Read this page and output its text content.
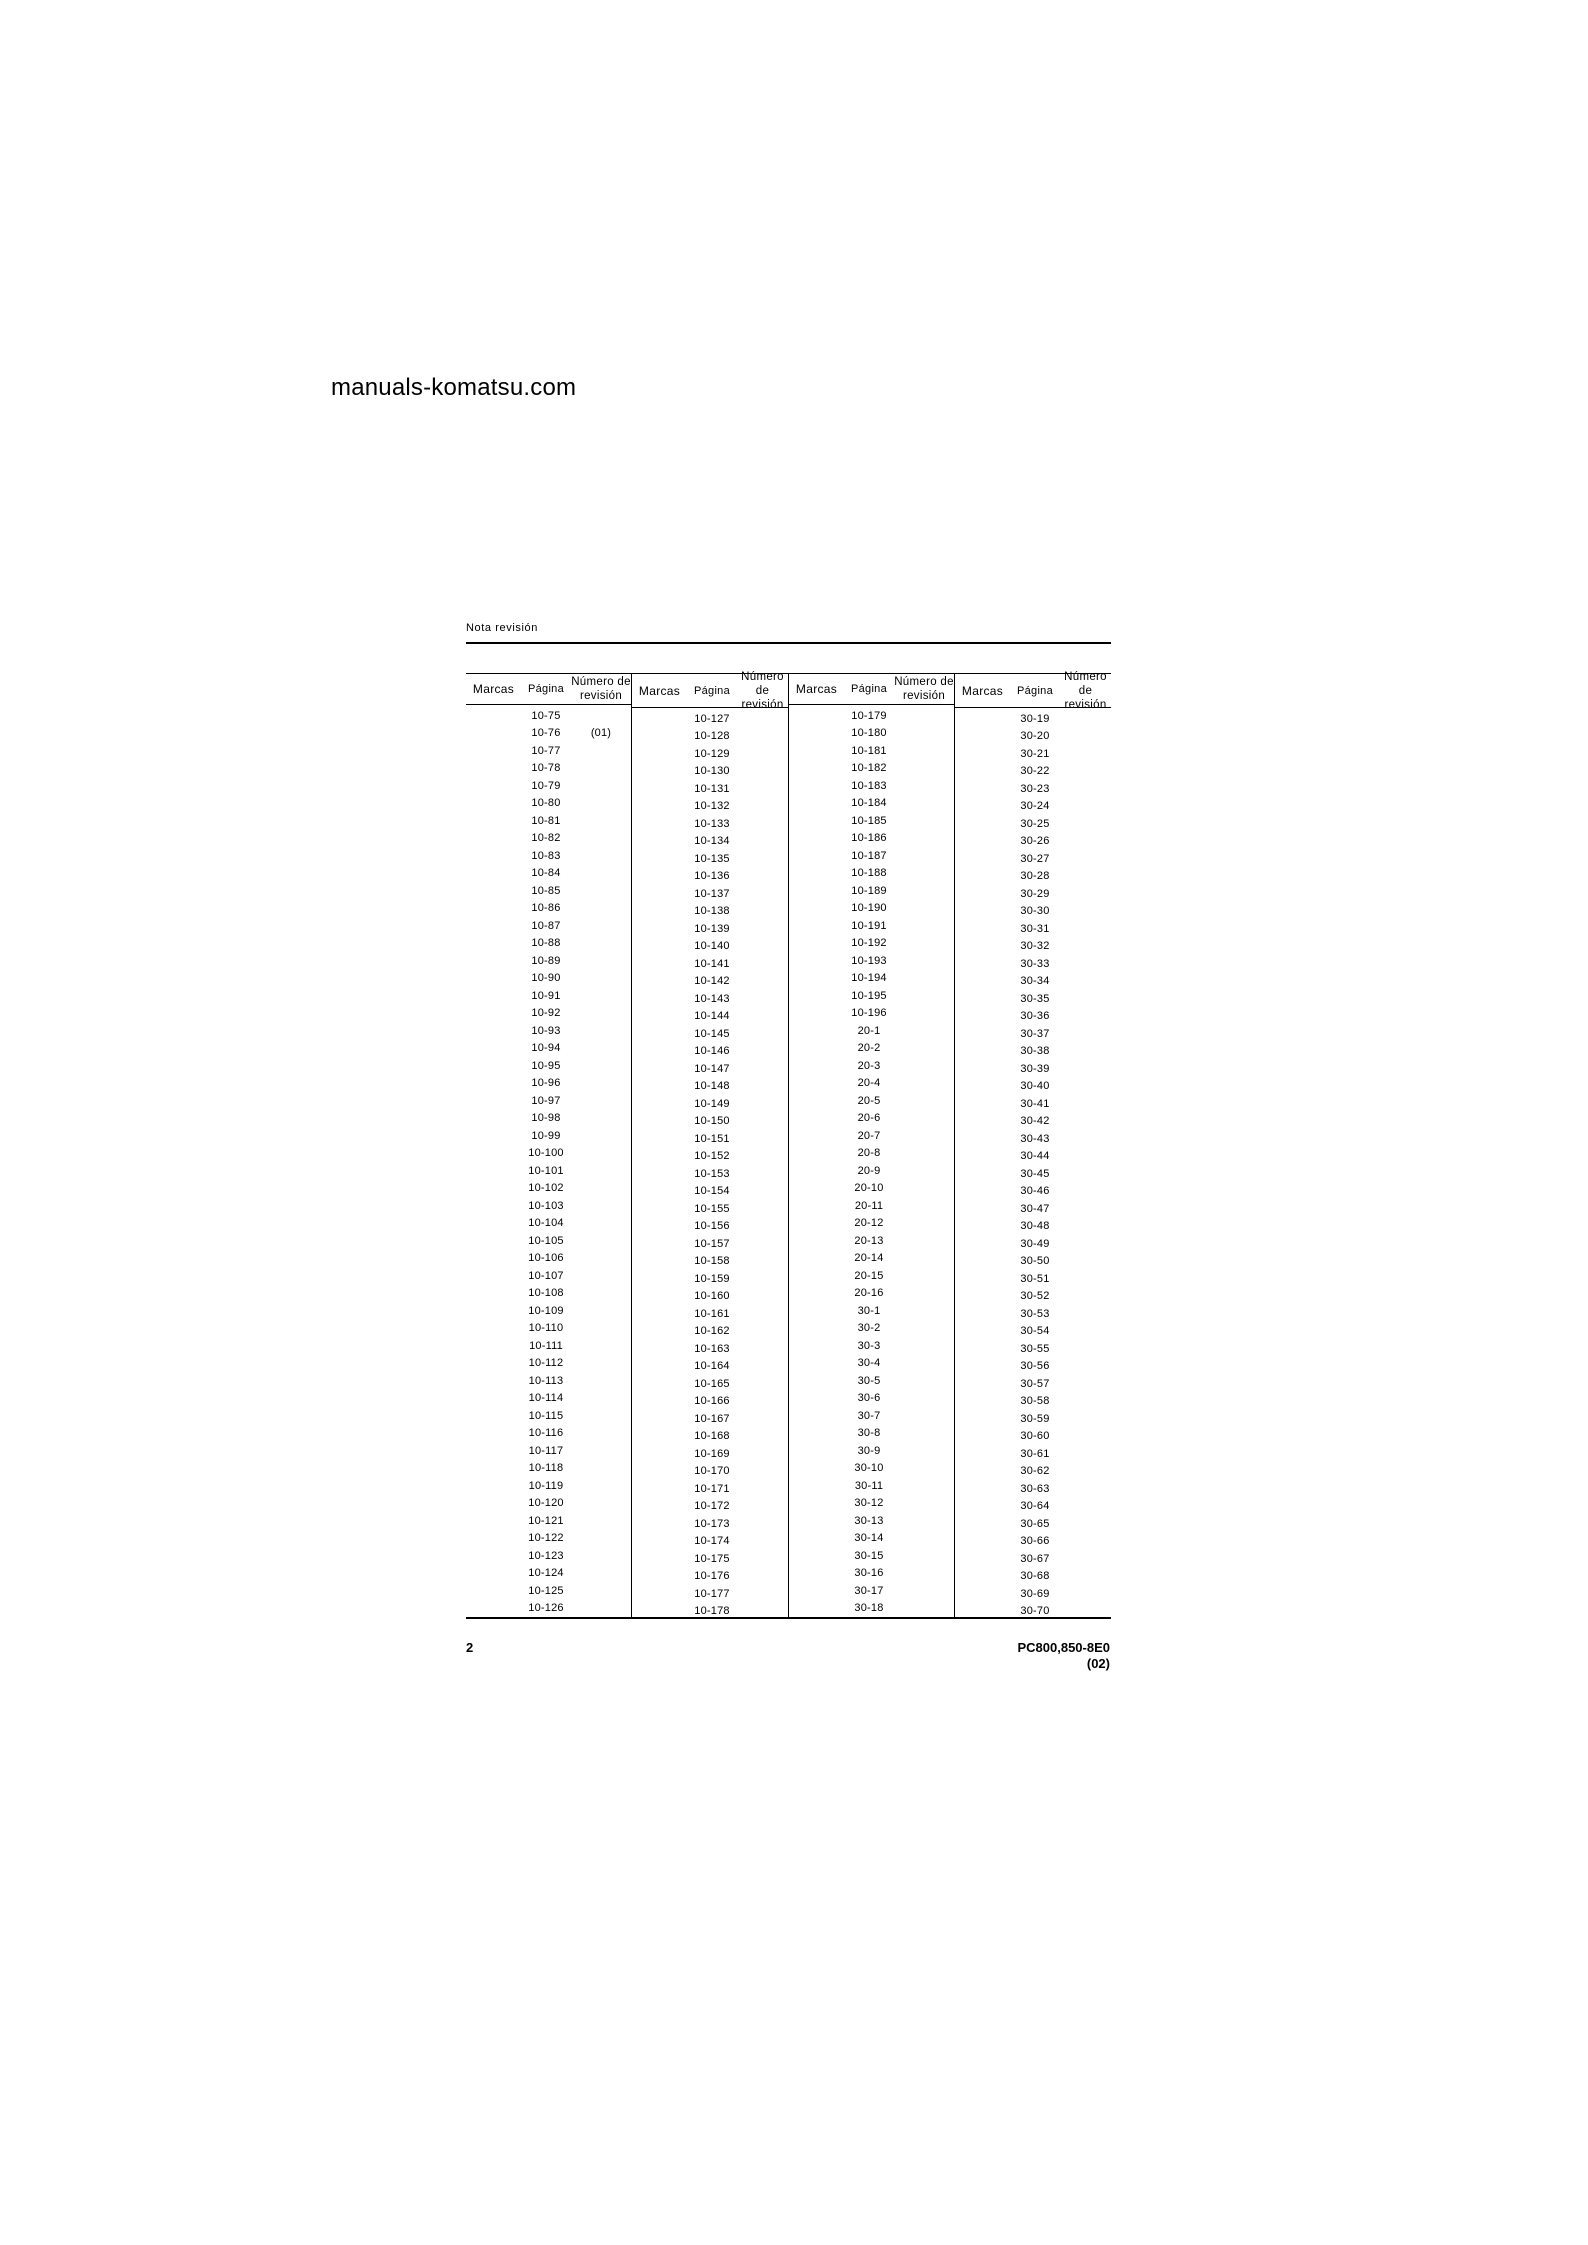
manuals-komatsu.com
Nota revisión
Marcas	Página
Número de
revisión
10-75
10-76	(01)
10-77
10-78
10-79
10-80
10-81
10-82
10-83
10-84
10-85
10-86
10-87
10-88
10-89
10-90
10-91
10-92
10-93
10-94
10-95
10-96
10-97
10-98
10-99
10-100
10-101
10-102
10-103
10-104
10-105
10-106
10-107
10-108
10-109
10-110
10-111
10-112
10-113
10-114
10-115
10-116
10-117
10-118
10-119
10-120
10-121
10-122
10-123
10-124
10-125
10-126
Marcas	Página
Número de
revisión
10-127
10-128
10-129
10-130
10-131
10-132
10-133
10-134
10-135
10-136
10-137
10-138
10-139
10-140
10-141
10-142
10-143
10-144
10-145
10-146
10-147
10-148
10-149
10-150
10-151
10-152
10-153
10-154
10-155
10-156
10-157
10-158
10-159
10-160
10-161
10-162
10-163
10-164
10-165
10-166
10-167
10-168
10-169
10-170
10-171
10-172
10-173
10-174
10-175
10-176
10-177
10-178
Marcas	Página
Número de
revisión
10-179
10-180
10-181
10-182
10-183
10-184
10-185
10-186
10-187
10-188
10-189
10-190
10-191
10-192
10-193
10-194
10-195
10-196
20-1
20-2
20-3
20-4
20-5
20-6
20-7
20-8
20-9
20-10
20-11
20-12
20-13
20-14
20-15
20-16
30-1
30-2
30-3
30-4
30-5
30-6
30-7
30-8
30-9
30-10
30-11
30-12
30-13
30-14
30-15
30-16
30-17
30-18
Marcas	Página
Número de
revisión
30-19
30-20
30-21
30-22
30-23
30-24
30-25
30-26
30-27
30-28
30-29
30-30
30-31
30-32
30-33
30-34
30-35
30-36
30-37
30-38
30-39
30-40
30-41
30-42
30-43
30-44
30-45
30-46
30-47
30-48
30-49
30-50
30-51
30-52
30-53
30-54
30-55
30-56
30-57
30-58
30-59
30-60
30-61
30-62
30-63
30-64
30-65
30-66
30-67
30-68
30-69
30-70
2	PC800,850-8E0
(02)
